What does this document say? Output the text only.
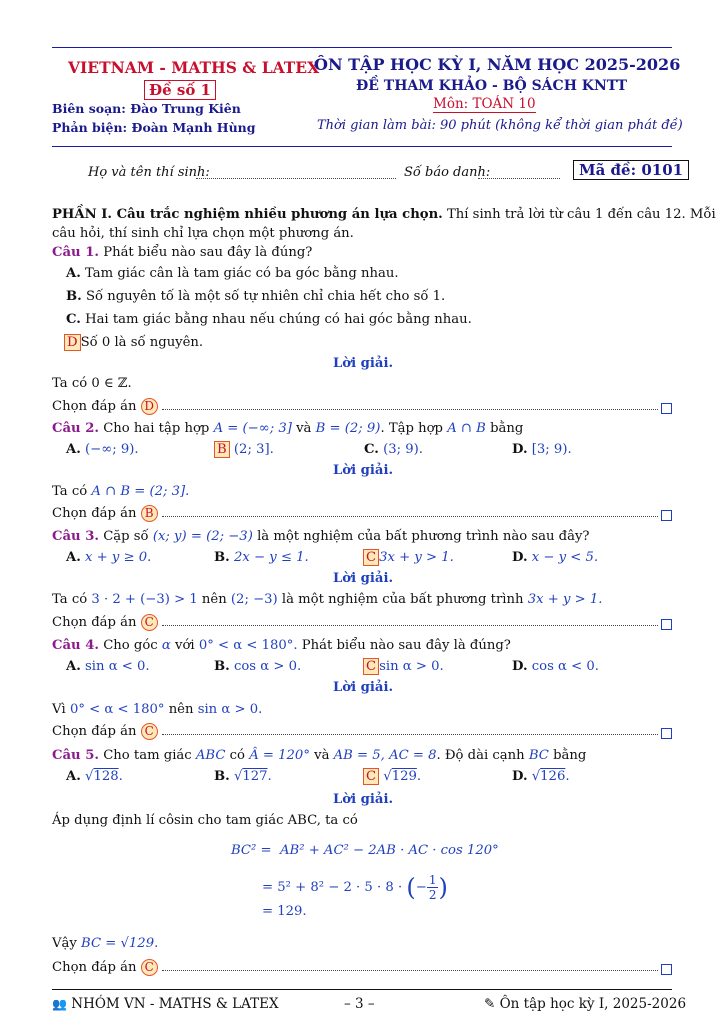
VIETNAM - MATHS & LATEX
Đề số 1
Biên soạn: Đào Trung Kiên
Phản biện: Đoàn Mạnh Hùng
ÔN TẬP HỌC KỲ I, NĂM HỌC 2025-2026
ĐỀ THAM KHẢO - BỘ SÁCH KNTT
Môn: TOÁN 10
Thời gian làm bài: 90 phút (không kể thời gian phát đề)
Họ và tên thí sinh:	Số báo danh:	Mã đề: 0101
PHẦN I. Câu trắc nghiệm nhiều phương án lựa chọn. Thí sinh trả lời từ câu 1 đến câu 12. Mỗi
câu hỏi, thí sinh chỉ lựa chọn một phương án.
Câu 1. Phát biểu nào sau đây là đúng?
A. Tam giác cân là tam giác có ba góc bằng nhau.
B. Số nguyên tố là một số tự nhiên chỉ chia hết cho số 1.
C. Hai tam giác bằng nhau nếu chúng có hai góc bằng nhau.
D Số 0 là số nguyên.
Lời giải.
Ta có 0 ∈ ℤ.
Chọn đáp án D
Câu 2. Cho hai tập hợp A = (−∞; 3] và B = (2; 9). Tập hợp A ∩ B bằng
A. (−∞; 9).	B (2; 3].	C. (3; 9).	D. [3; 9).
Lời giải.
Ta có A ∩ B = (2; 3].
Chọn đáp án B
Câu 3. Cặp số (x; y) = (2; −3) là một nghiệm của bất phương trình nào sau đây?
A. x + y ≥ 0.	B. 2x − y ≤ 1.	C 3x + y > 1.	D. x − y < 5.
Lời giải.
Ta có 3 · 2 + (−3) > 1 nên (2; −3) là một nghiệm của bất phương trình 3x + y > 1.
Chọn đáp án C
Câu 4. Cho góc α với 0° < α < 180°. Phát biểu nào sau đây là đúng?
A. sin α < 0.	B. cos α > 0.	C sin α > 0.	D. cos α < 0.
Lời giải.
Vì 0° < α < 180° nên sin α > 0.
Chọn đáp án C
Câu 5. Cho tam giác ABC có Â = 120° và AB = 5, AC = 8. Độ dài cạnh BC bằng
A. √128.	B. √127.	C √129.	D. √126.
Lời giải.
Áp dụng định lí côsin cho tam giác ABC, ta có
BC² = AB² + AC² − 2AB · AC · cos 120°
= 5² + 8² − 2 · 5 · 8 · (− $\frac{1}{2}$ )
= 129.
Vậy BC = √129.
Chọn đáp án C
👥 NHÓM VN - MATHS & LATEX	– 3 –	✎ Ôn tập học kỳ I, 2025-2026
